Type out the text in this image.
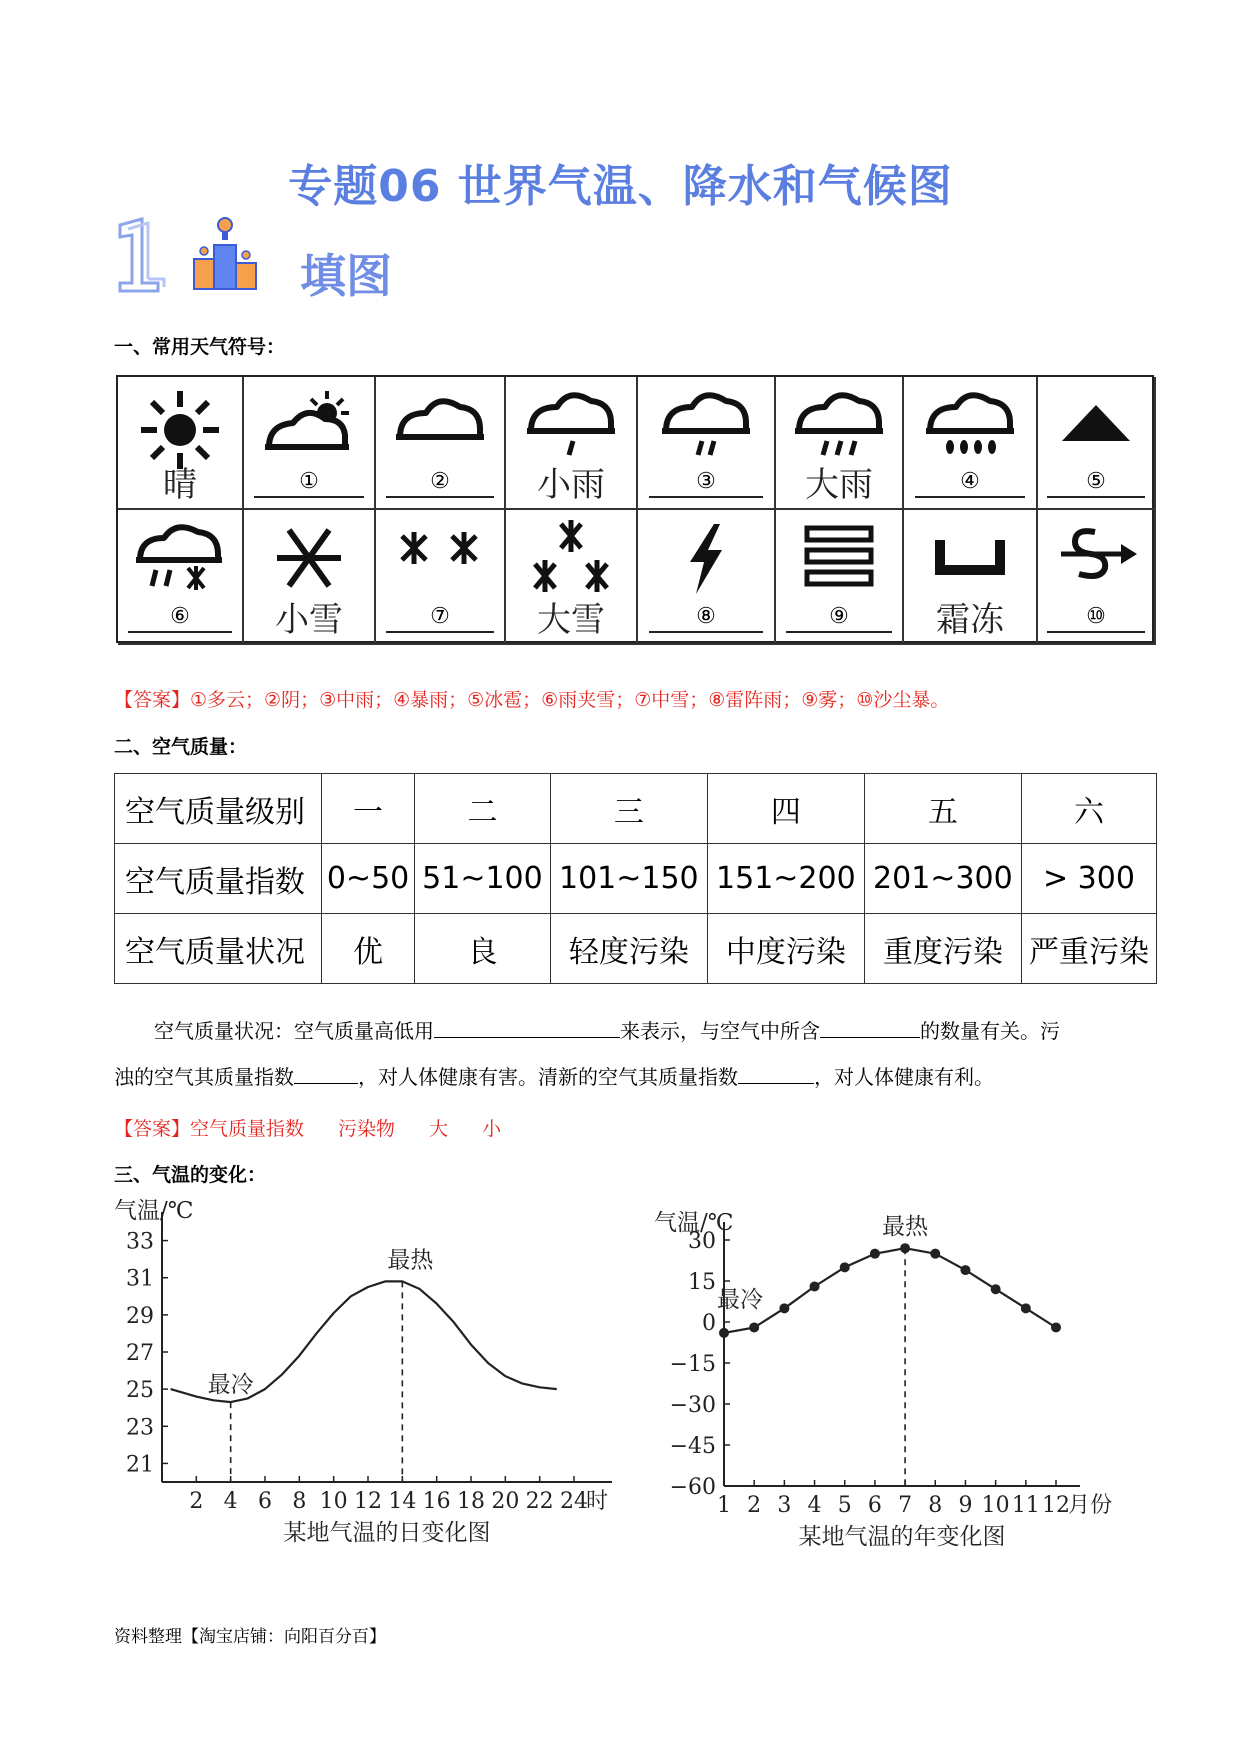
专题06 世界气温、降水和气候图
填图
一、常用天气符号：
晴	①	②	小雨	③	大雨	④	⑤
⑥	小雪	⑦	大雪	⑧	⑨	霜冻	⑩
【答案】①多云；②阴；③中雨；④暴雨；⑤冰雹；⑥雨夹雪；⑦中雪；⑧雷阵雨；⑨雾；⑩沙尘暴。
二、空气质量：
空气质量级别	一	二	三	四	五	六
空气质量指数	0~50	51~100	101~150	151~200	201~300	> 300
空气质量状况	优	良	轻度污染	中度污染	重度污染	严重污染
空气质量状况：空气质量高低用	来表示，与空气中所含	的数量有关。污
浊的空气其质量指数	，对人体健康有害。清新的空气其质量指数	，对人体健康有利。
【答案】空气质量指数 污染物 大 小
三、气温的变化：
气温/℃
21
23
25
27
29
31
33
2 4 6 8 10 12 14 16 18 20 22 24
时
某地气温的日变化图
最冷
最热
气温/℃
30
15
0
−15
−30
−45
−60
1 2 3 4 5 6 7 8 9 10 11 12
月份
某地气温的年变化图
最冷
最热
资料整理【淘宝店铺：向阳百分百】
